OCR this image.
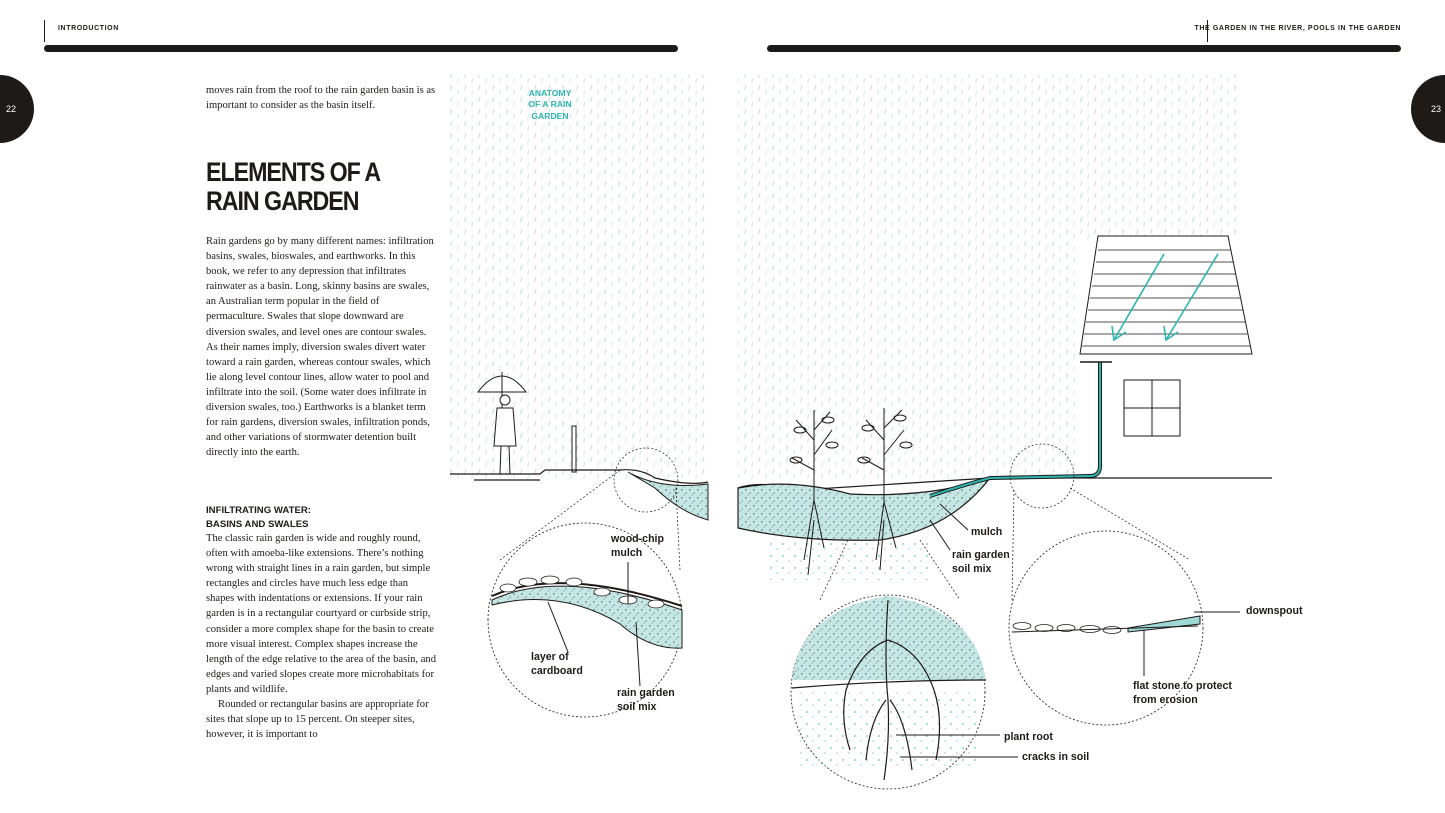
INTRODUCTION	THE GARDEN IN THE RIVER, POOLS IN THE GARDEN
22	23

moves rain from the roof to the rain garden basin is as important to consider as the basin itself.

ELEMENTS OF A RAIN GARDEN

Rain gardens go by many different names: infiltration basins, swales, bioswales, and earthworks. In this book, we refer to any depression that infiltrates rainwater as a basin. Long, skinny basins are swales, an Australian term popular in the field of permaculture. Swales that slope downward are diversion swales, and level ones are contour swales. As their names imply, diversion swales divert water toward a rain garden, whereas contour swales, which lie along level contour lines, allow water to pool and infiltrate into the soil. (Some water does infiltrate in diversion swales, too.) Earthworks is a blanket term for rain gardens, diversion swales, infiltration ponds, and other variations of stormwater detention built directly into the earth.

INFILTRATING WATER:
BASINS AND SWALES

The classic rain garden is wide and roughly round, often with amoeba-like extensions. There’s nothing wrong with straight lines in a rain garden, but simple rectangles and circles have much less edge than shapes with indentations or extensions. If your rain garden is in a rectangular courtyard or curbside strip, consider a more complex shape for the basin to create more visual interest. Complex shapes increase the length of the edge relative to the area of the basin, and edges and varied slopes create more microhabitats for plants and wildlife.

Rounded or rectangular basins are appropriate for sites that slope up to 15 percent. On steeper sites, however, it is important to

ANATOMY OF A RAIN GARDEN
wood-chip
mulch
layer of
cardboard
rain garden
soil mix
mulch
rain garden
soil mix
downspout
flat stone to protect
from erosion
plant root
cracks in soil
